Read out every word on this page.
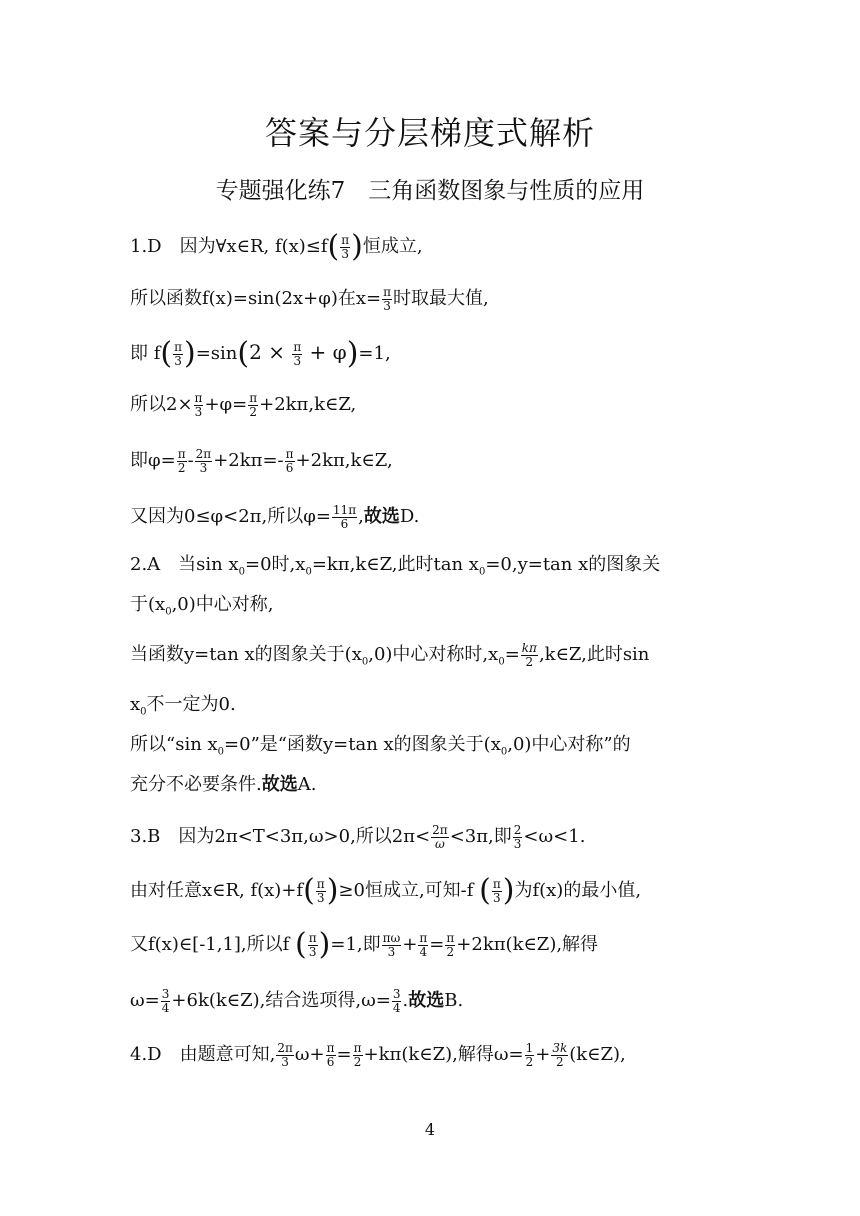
答案与分层梯度式解析
专题强化练7　三角函数图象与性质的应用
1.D　因为∀x∈R, $f(x)\le f( \frac{\pi}{3}$ )恒成立,
所以函数f(x)=sin(2x+φ)在$x= \frac{\pi}{3}$ 时取最大值,
即 $f( \frac{\pi}{3} )=\sin(2 \times \frac{\pi}{3} + \varphi)=1$,
所以$2\times \frac{\pi}{3} +\varphi= \frac{\pi}{2}$ +2kπ,k∈Z,
即$\varphi= \frac{\pi}{2} - \frac{2\pi}{3} +2k\pi=- \frac{\pi}{6}$ +2kπ,k∈Z,
又因为0≤φ<2π,所以$\varphi= \frac{11\pi}{6}$ ,故选D.
2.A　当$\sin x_0=0$时$,x_0=k\pi,k\in Z$,此时$\tan x_0=0,y=\tan$ x的图象关
于$(x_0,0)$中心对称,
当函数y=tan x的图象关于$(x_0,0)$中心对称时$,x_0= \frac{k\pi}{2}$ ,k∈Z,此时sin
$x_0$不一定为0.
所以“sin $x_0=0$”是“函数y=tan x的图象关于$(x_0,0)$中心对称”的
充分不必要条件.故选A.
3.B　因为2π<T<3π,ω>0,所以$2\pi< \frac{2\pi}{\omega} <3\pi$,即 $\frac{2}{3} <\omega<1$.
由对任意x∈R, $f(x)+f( \frac{\pi}{3} )\ge 0$恒成立,可知-f ( $\frac{\pi}{3}$ )为f(x)的最小值,
又f(x)∈[-1,1],所以f ( $\frac{\pi}{3} )=1$,即 $\frac{\pi\omega}{3} + \frac{\pi}{4} = \frac{\pi}{2}$ +2kπ(k∈Z),解得
$\omega= \frac{3}{4}$ +6k(k∈Z),结合选项得$,\omega= \frac{3}{4}$ .故选B.
4.D　由题意可知, $\frac{2\pi}{3} \omega+ \frac{\pi}{6} = \frac{\pi}{2}$ +kπ(k∈Z),解得$\omega= \frac{1}{2} + \frac{3k}{2}$ (k∈Z),
4
